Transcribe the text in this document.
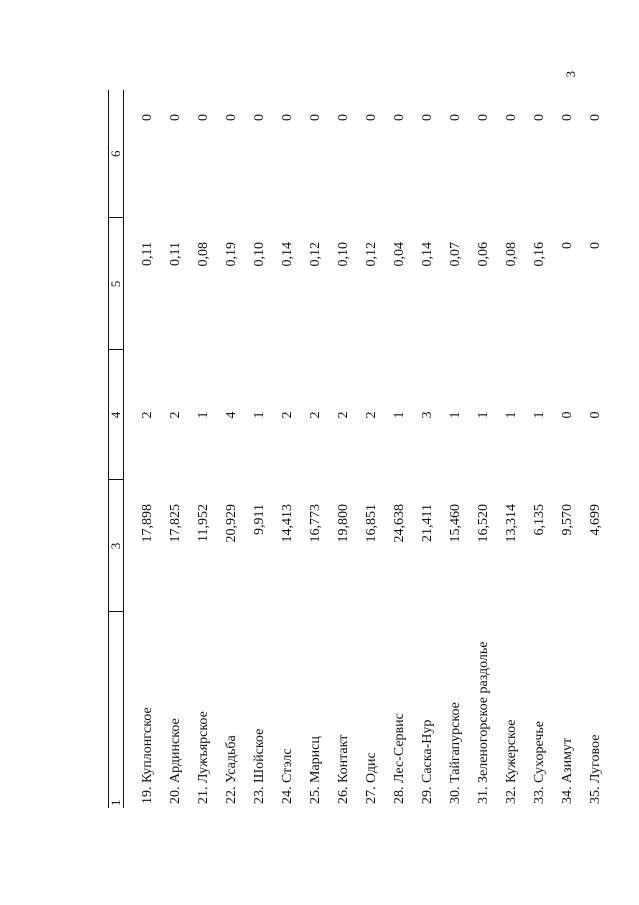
3
1	3	4	5	6
19. Куплонгское	17,898	2	0,11	0
20. Ардинское	17,825	2	0,11	0
21. Лужъярское	11,952	1	0,08	0
22. Усадьба	20,929	4	0,19	0
23. Шойское	9,911	1	0,10	0
24. Стэлс	14,413	2	0,14	0
25. Марисц	16,773	2	0,12	0
26. Контакт	19,800	2	0,10	0
27. Одис	16,851	2	0,12	0
28. Лес-Сервис	24,638	1	0,04	0
29. Саска-Нур	21,411	3	0,14	0
30. Тайгапурское	15,460	1	0,07	0
31. Зеленогорское раздолье	16,520	1	0,06	0
32. Кужерское	13,314	1	0,08	0
33. Сухоречье	6,135	1	0,16	0
34. Азимут	9,570	0	0	0
35. Луговое	4,699	0	0	0
